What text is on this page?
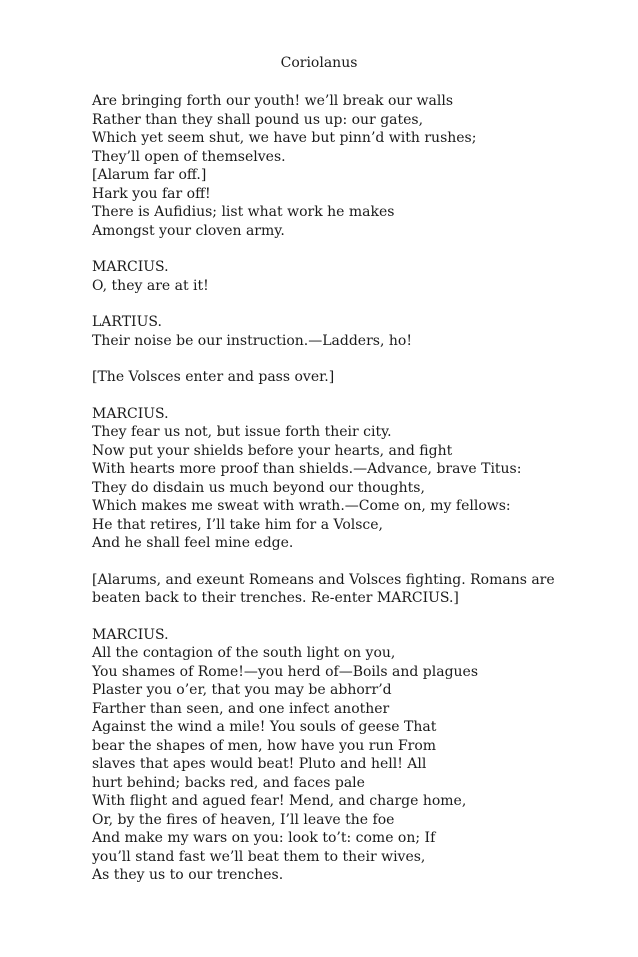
Coriolanus
Are bringing forth our youth! we’ll break our walls
Rather than they shall pound us up: our gates,
Which yet seem shut, we have but pinn’d with rushes;
They’ll open of themselves.
[Alarum far off.]
Hark you far off!
There is Aufidius; list what work he makes
Amongst your cloven army.
MARCIUS.
O, they are at it!
LARTIUS.
Their noise be our instruction.—Ladders, ho!
[The Volsces enter and pass over.]
MARCIUS.
They fear us not, but issue forth their city.
Now put your shields before your hearts, and fight
With hearts more proof than shields.—Advance, brave Titus:
They do disdain us much beyond our thoughts,
Which makes me sweat with wrath.—Come on, my fellows:
He that retires, I’ll take him for a Volsce,
And he shall feel mine edge.
[Alarums, and exeunt Romeans and Volsces fighting. Romans are
beaten back to their trenches. Re-enter MARCIUS.]
MARCIUS.
All the contagion of the south light on you,
You shames of Rome!—you herd of—Boils and plagues
Plaster you o’er, that you may be abhorr’d
Farther than seen, and one infect another
Against the wind a mile! You souls of geese That
bear the shapes of men, how have you run From
slaves that apes would beat! Pluto and hell! All
hurt behind; backs red, and faces pale
With flight and agued fear! Mend, and charge home,
Or, by the fires of heaven, I’ll leave the foe
And make my wars on you: look to’t: come on; If
you’ll stand fast we’ll beat them to their wives,
As they us to our trenches.
